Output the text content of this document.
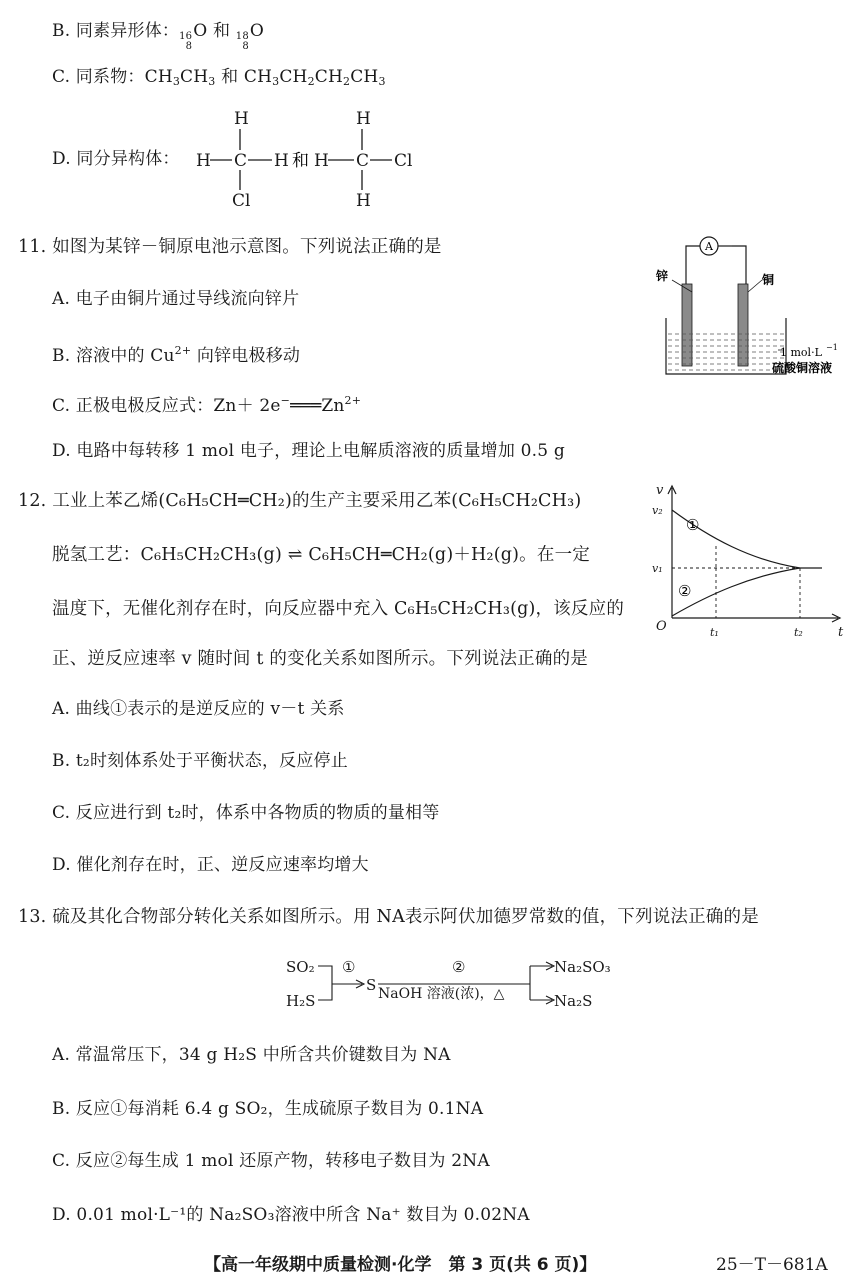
B. 同素异形体： 16
8
O 和 18
8
O
C. 同系物：$CH_3CH_3$ 和 $CH_3CH_2CH_2CH_3$
D. 同分异构体：
H
H C H
Cl
H
H C Cl
H
和
11. 如图为某锌－铜原电池示意图。下列说法正确的是
A. 电子由铜片通过导线流向锌片
B. 溶液中的 $Cu^{2+}$ 向锌电极移动
C. 正极电极反应式：$Zn+ 2e^-═══Zn^{2+}$
D. 电路中每转移 1 mol 电子，理论上电解质溶液的质量增加 0.5 g
A
锌	铜
1 mol·L −1
硫酸铜溶液
12. 工业上苯乙烯(C₆H₅CH═CH₂)的生产主要采用乙苯(C₆H₅CH₂CH₃)
脱氢工艺：C₆H₅CH₂CH₃(g) ⇌ C₆H₅CH═CH₂(g)＋H₂(g)。在一定
温度下，无催化剂存在时，向反应器中充入 C₆H₅CH₂CH₃(g)，该反应的
正、逆反应速率 v 随时间 t 的变化关系如图所示。下列说法正确的是
A. 曲线①表示的是逆反应的 v－t 关系
B. t₂时刻体系处于平衡状态，反应停止
C. 反应进行到 t₂时，体系中各物质的物质的量相等
D. 催化剂存在时，正、逆反应速率均增大
v
t
O
v₂
v₁
t₁	t₂
①
②
13. 硫及其化合物部分转化关系如图所示。用 NA表示阿伏加德罗常数的值，下列说法正确的是
SO₂
H₂S
①
S
②
NaOH 溶液(浓)，△
Na₂SO₃
Na₂S
A. 常温常压下，34 g H₂S 中所含共价键数目为 NA
B. 反应①每消耗 6.4 g SO₂，生成硫原子数目为 0.1NA
C. 反应②每生成 1 mol 还原产物，转移电子数目为 2NA
D. 0.01 mol·L⁻¹的 Na₂SO₃溶液中所含 Na⁺ 数目为 0.02NA
【高一年级期中质量检测·化学　第 3 页(共 6 页)】	25－T－681A
